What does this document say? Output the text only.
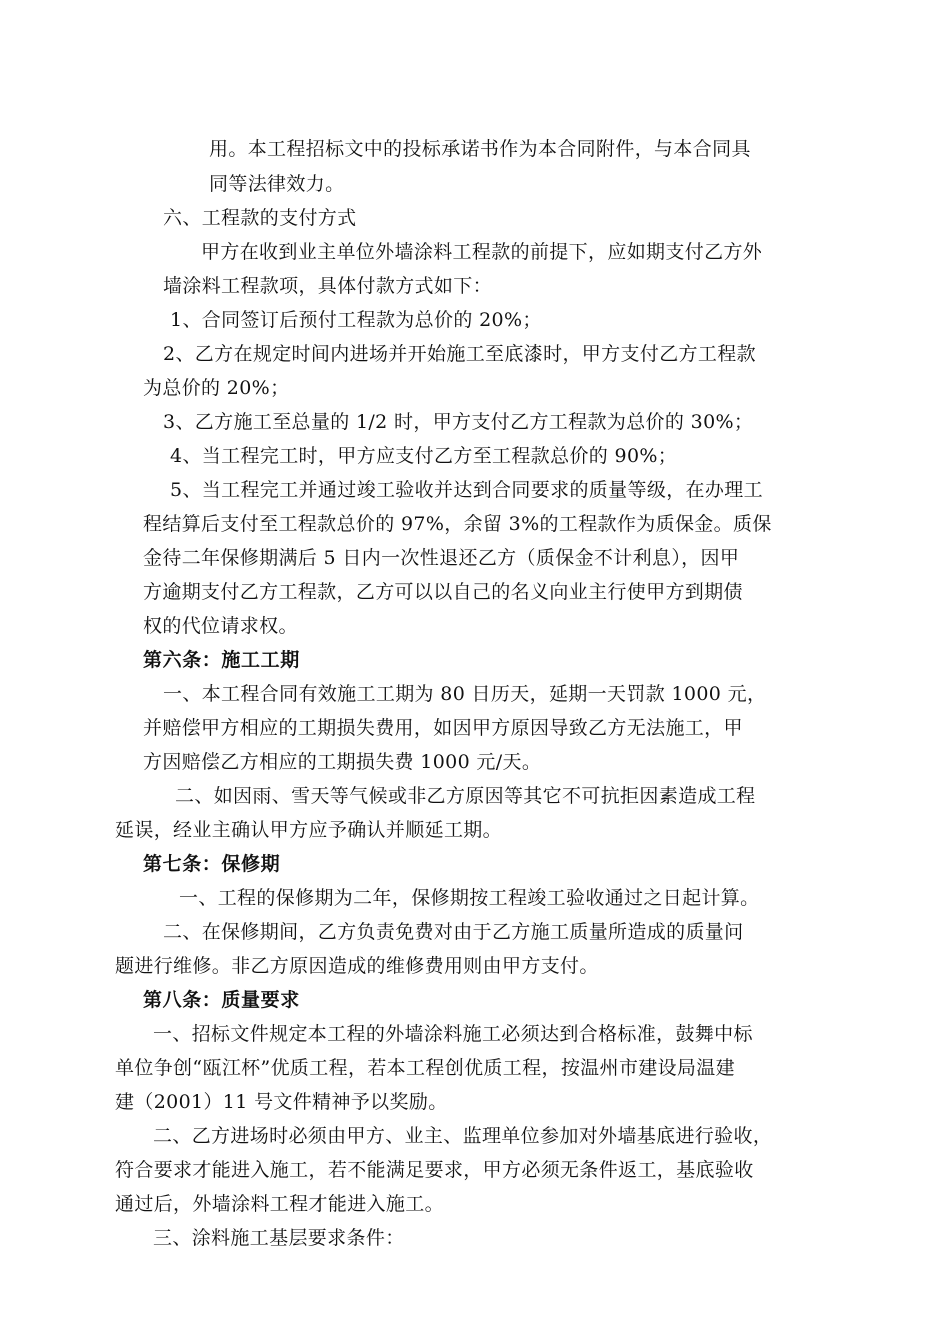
用。本工程招标文中的投标承诺书作为本合同附件，与本合同具

同等法律效力。

六、工程款的支付方式

甲方在收到业主单位外墙涂料工程款的前提下，应如期支付乙方外

墙涂料工程款项，具体付款方式如下：

1、合同签订后预付工程款为总价的 20%；

2、乙方在规定时间内进场并开始施工至底漆时，甲方支付乙方工程款

为总价的 20%；

3、乙方施工至总量的 1/2 时，甲方支付乙方工程款为总价的 30%；

4、当工程完工时，甲方应支付乙方至工程款总价的 90%；

5、当工程完工并通过竣工验收并达到合同要求的质量等级，在办理工

程结算后支付至工程款总价的 97%，余留 3%的工程款作为质保金。质保

金待二年保修期满后 5 日内一次性退还乙方（质保金不计利息），因甲

方逾期支付乙方工程款，乙方可以以自己的名义向业主行使甲方到期债

权的代位请求权。

第六条：施工工期

一、本工程合同有效施工工期为 80 日历天，延期一天罚款 1000 元，

并赔偿甲方相应的工期损失费用，如因甲方原因导致乙方无法施工，甲

方因赔偿乙方相应的工期损失费 1000 元/天。

二、如因雨、雪天等气候或非乙方原因等其它不可抗拒因素造成工程

延误，经业主确认甲方应予确认并顺延工期。

第七条：保修期

一、工程的保修期为二年，保修期按工程竣工验收通过之日起计算。

二、在保修期间，乙方负责免费对由于乙方施工质量所造成的质量问

题进行维修。非乙方原因造成的维修费用则由甲方支付。

第八条：质量要求

一、招标文件规定本工程的外墙涂料施工必须达到合格标准，鼓舞中标

单位争创“瓯江杯”优质工程，若本工程创优质工程，按温州市建设局温建

建（2001）11 号文件精神予以奖励。

二、乙方进场时必须由甲方、业主、监理单位参加对外墙基底进行验收，

符合要求才能进入施工，若不能满足要求，甲方必须无条件返工，基底验收

通过后，外墙涂料工程才能进入施工。

三、涂料施工基层要求条件：
